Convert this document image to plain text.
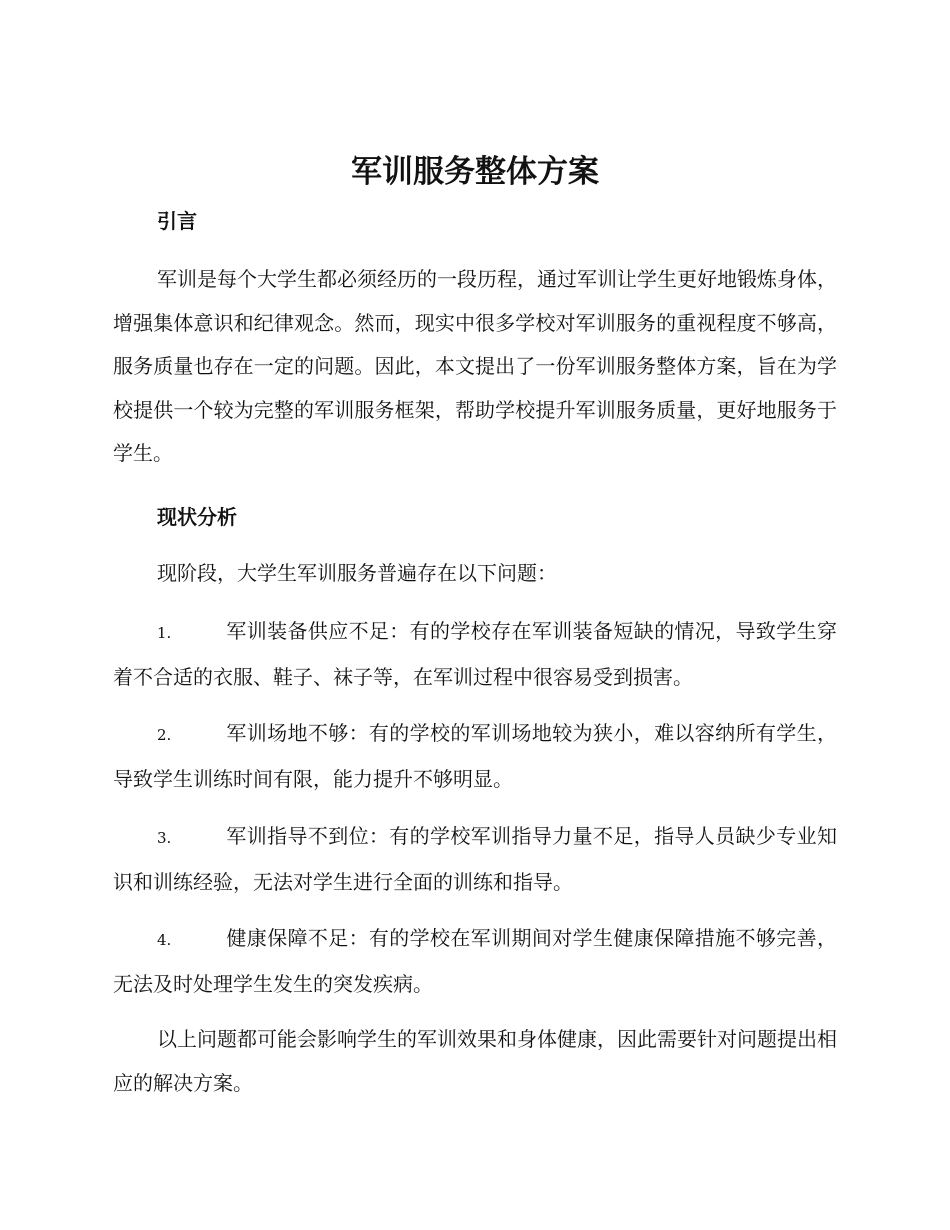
军训服务整体方案
引言

军训是每个大学生都必须经历的一段历程，通过军训让学生更好地锻炼身体，增强集体意识和纪律观念。然而，现实中很多学校对军训服务的重视程度不够高，服务质量也存在一定的问题。因此，本文提出了一份军训服务整体方案，旨在为学校提供一个较为完整的军训服务框架，帮助学校提升军训服务质量，更好地服务于学生。

现状分析

现阶段，大学生军训服务普遍存在以下问题：

1.	军训装备供应不足：有的学校存在军训装备短缺的情况，导致学生穿着不合适的衣服、鞋子、袜子等，在军训过程中很容易受到损害。

2.	军训场地不够：有的学校的军训场地较为狭小，难以容纳所有学生，导致学生训练时间有限，能力提升不够明显。

3.	军训指导不到位：有的学校军训指导力量不足，指导人员缺少专业知识和训练经验，无法对学生进行全面的训练和指导。

4.	健康保障不足：有的学校在军训期间对学生健康保障措施不够完善，无法及时处理学生发生的突发疾病。

以上问题都可能会影响学生的军训效果和身体健康，因此需要针对问题提出相应的解决方案。
